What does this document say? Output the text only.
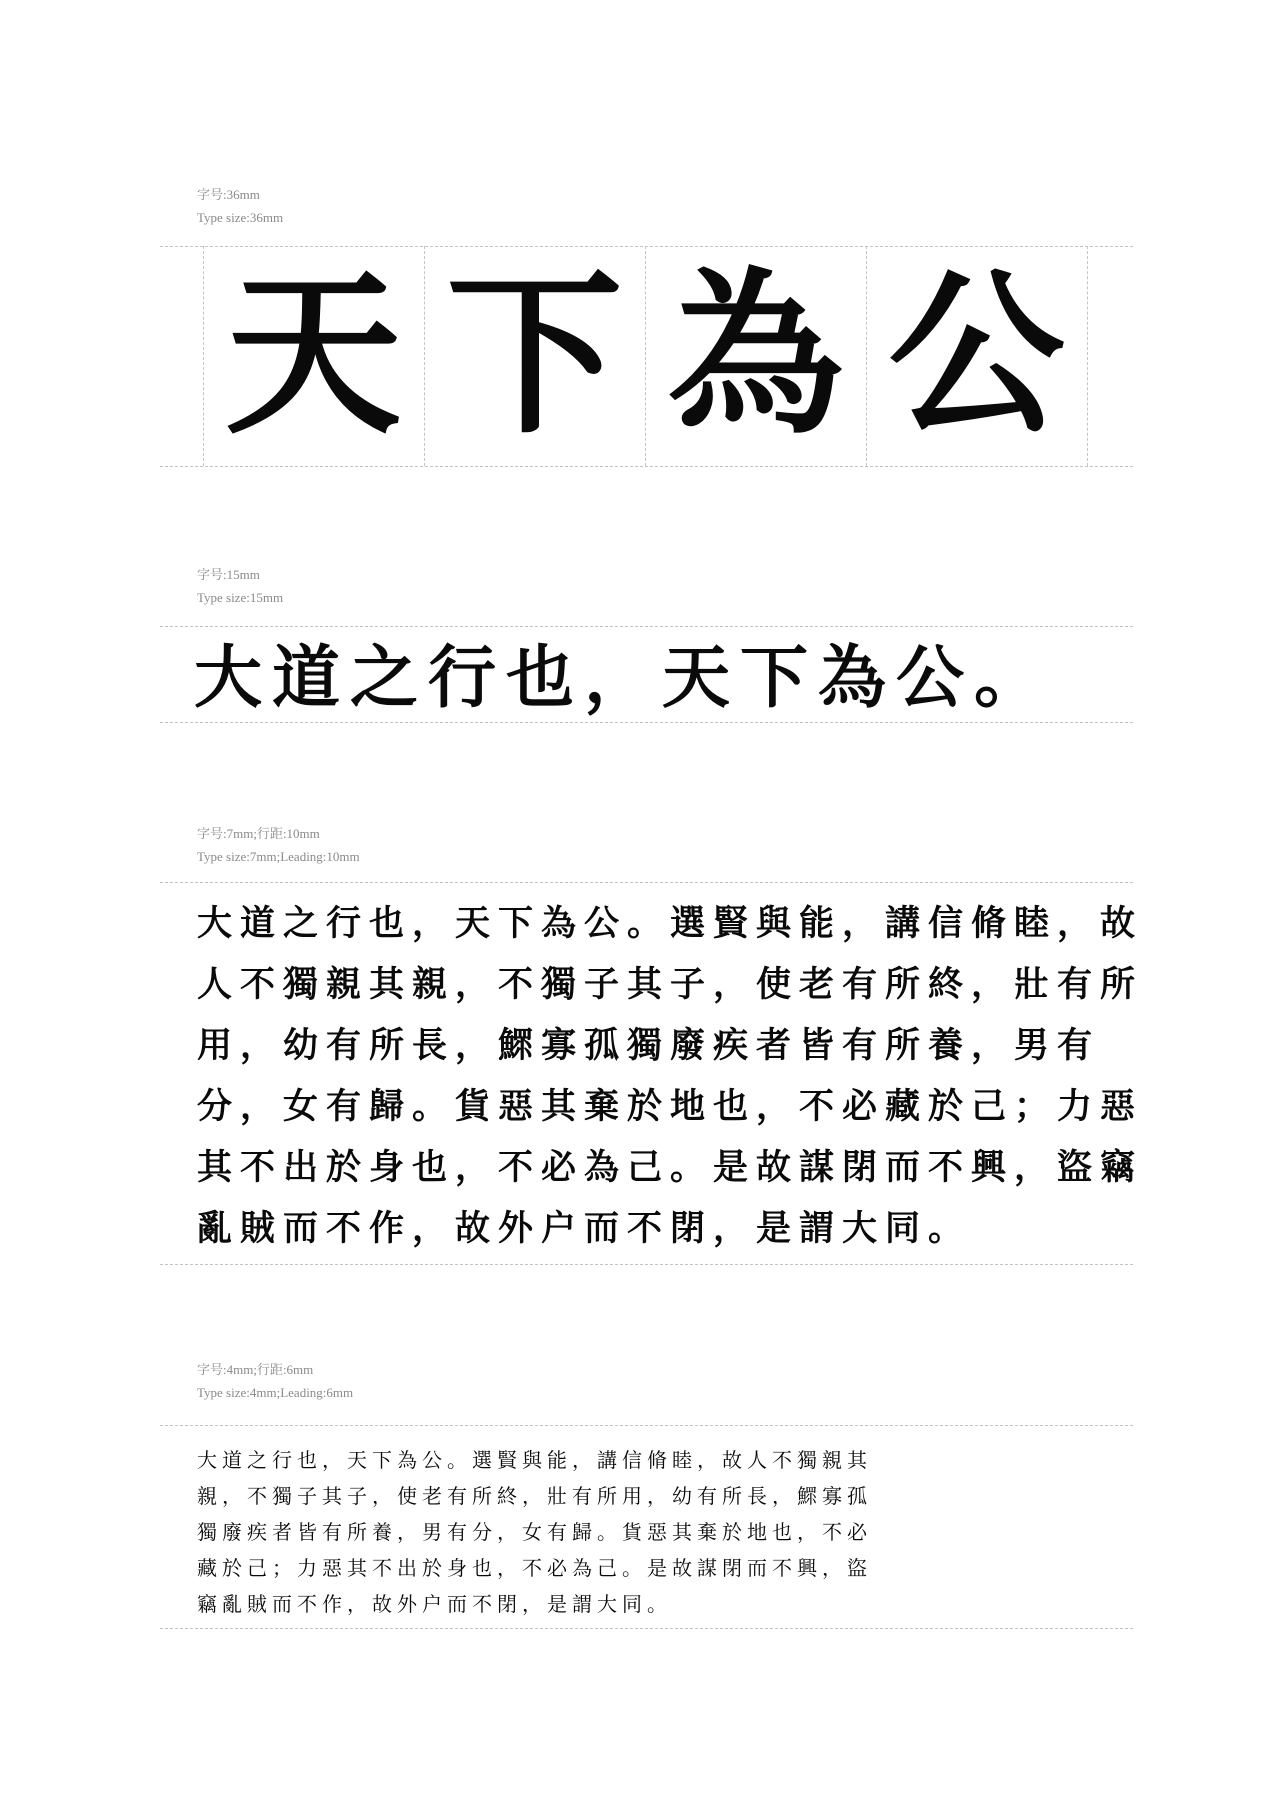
字号:36mm
Type size:36mm
天 下 為 公
字号:15mm
Type size:15mm
大道之行也，天下為公。
字号:7mm;行距:10mm
Type size:7mm;Leading:10mm
大道之行也，天下為公。選賢與能，講信脩睦，故
人不獨親其親，不獨子其子，使老有所終，壯有所
用，幼有所長，鰥寡孤獨廢疾者皆有所養，男有
分，女有歸。貨惡其棄於地也，不必藏於己；力惡
其不出於身也，不必為己。是故謀閉而不興，盜竊
亂賊而不作，故外户而不閉，是謂大同。
字号:4mm;行距:6mm
Type size:4mm;Leading:6mm
大道之行也，天下為公。選賢與能，講信脩睦，故人不獨親其
親，不獨子其子，使老有所終，壯有所用，幼有所長，鰥寡孤
獨廢疾者皆有所養，男有分，女有歸。貨惡其棄於地也，不必
藏於己；力惡其不出於身也，不必為己。是故謀閉而不興，盜
竊亂賊而不作，故外户而不閉，是謂大同。
